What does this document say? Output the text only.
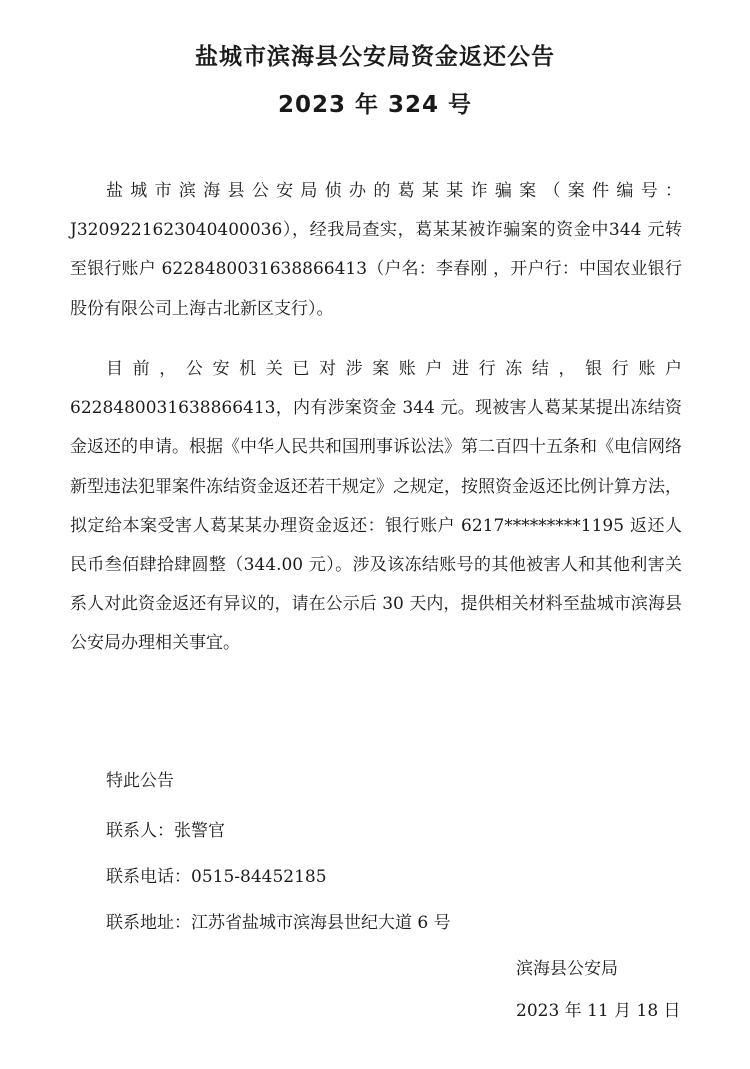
盐城市滨海县公安局资金返还公告
2023 年 324 号

盐城市滨海县公安局侦办的葛某某诈骗案（案件编号：J3209221623040400036），经我局查实，葛某某被诈骗案的资金中344 元转至银行账户 6228480031638866413（户名：李春刚 ，开户行：中国农业银行股份有限公司上海古北新区支行）。

目前，公安机关已对涉案账户进行冻结，银行账户6228480031638866413，内有涉案资金 344 元。现被害人葛某某提出冻结资金返还的申请。根据《中华人民共和国刑事诉讼法》第二百四十五条和《电信网络新型违法犯罪案件冻结资金返还若干规定》之规定，按照资金返还比例计算方法，拟定给本案受害人葛某某办理资金返还：银行账户 6217*********1195 返还人民币叁佰肆拾肆圆整（344.00 元）。涉及该冻结账号的其他被害人和其他利害关系人对此资金返还有异议的，请在公示后 30 天内，提供相关材料至盐城市滨海县公安局办理相关事宜。

特此公告
联系人：张警官
联系电话：0515-84452185
联系地址：江苏省盐城市滨海县世纪大道 6 号
滨海县公安局
2023 年 11 月 18 日
